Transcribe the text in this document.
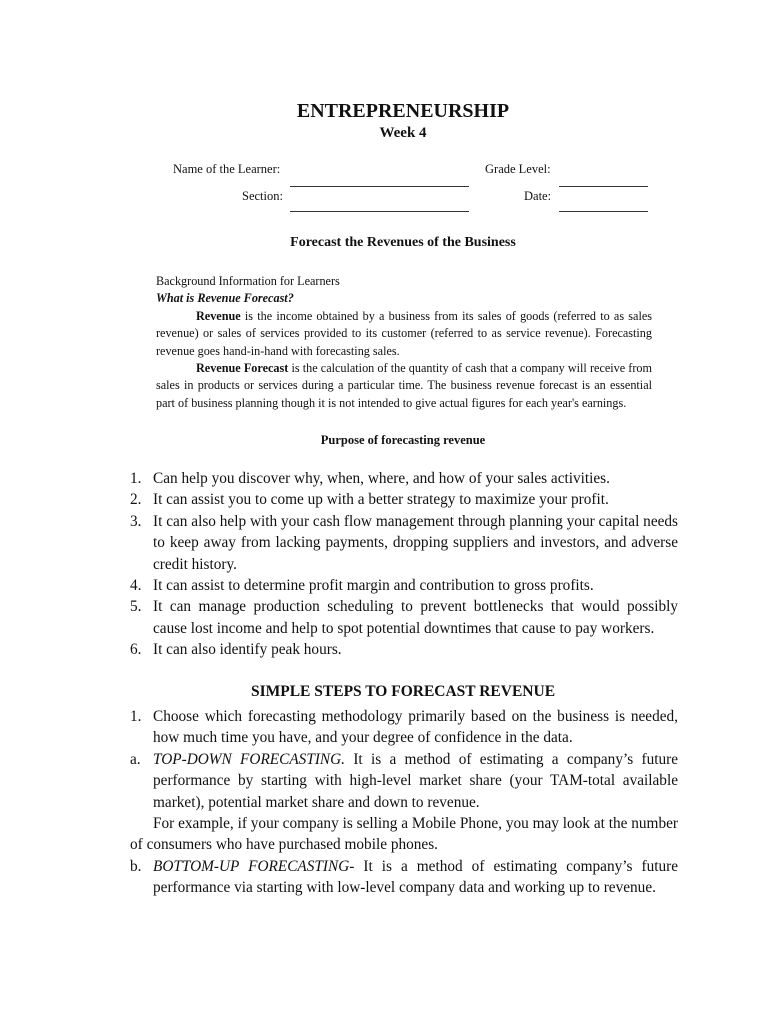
ENTREPRENEURSHIP
Week 4
Name of the Learner:	Grade Level:
Section:	Date:
Forecast the Revenues of the Business

Background Information for Learners

What is Revenue Forecast?

Revenue is the income obtained by a business from its sales of goods (referred to as sales revenue) or sales of services provided to its customer (referred to as service revenue). Forecasting revenue goes hand-in-hand with forecasting sales.

Revenue Forecast is the calculation of the quantity of cash that a company will receive from sales in products or services during a particular time. The business revenue forecast is an essential part of business planning though it is not intended to give actual figures for each year's earnings.

Purpose of forecasting revenue
1. Can help you discover why, when, where, and how of your sales activities.
2. It can assist you to come up with a better strategy to maximize your profit.
3. It can also help with your cash flow management through planning your capital needs to keep away from lacking payments, dropping suppliers and investors, and adverse credit history.
4. It can assist to determine profit margin and contribution to gross profits.
5. It can manage production scheduling to prevent bottlenecks that would possibly cause lost income and help to spot potential downtimes that cause to pay workers.
6. It can also identify peak hours.
SIMPLE STEPS TO FORECAST REVENUE
1. Choose which forecasting methodology primarily based on the business is needed, how much time you have, and your degree of confidence in the data.
a. TOP-DOWN FORECASTING. It is a method of estimating a company’s future performance by starting with high-level market share (your TAM-total available market), potential market share and down to revenue.

For example, if your company is selling a Mobile Phone, you may look at the number of consumers who have purchased mobile phones.

b. BOTTOM-UP FORECASTING- It is a method of estimating company’s future performance via starting with low-level company data and working up to revenue.
